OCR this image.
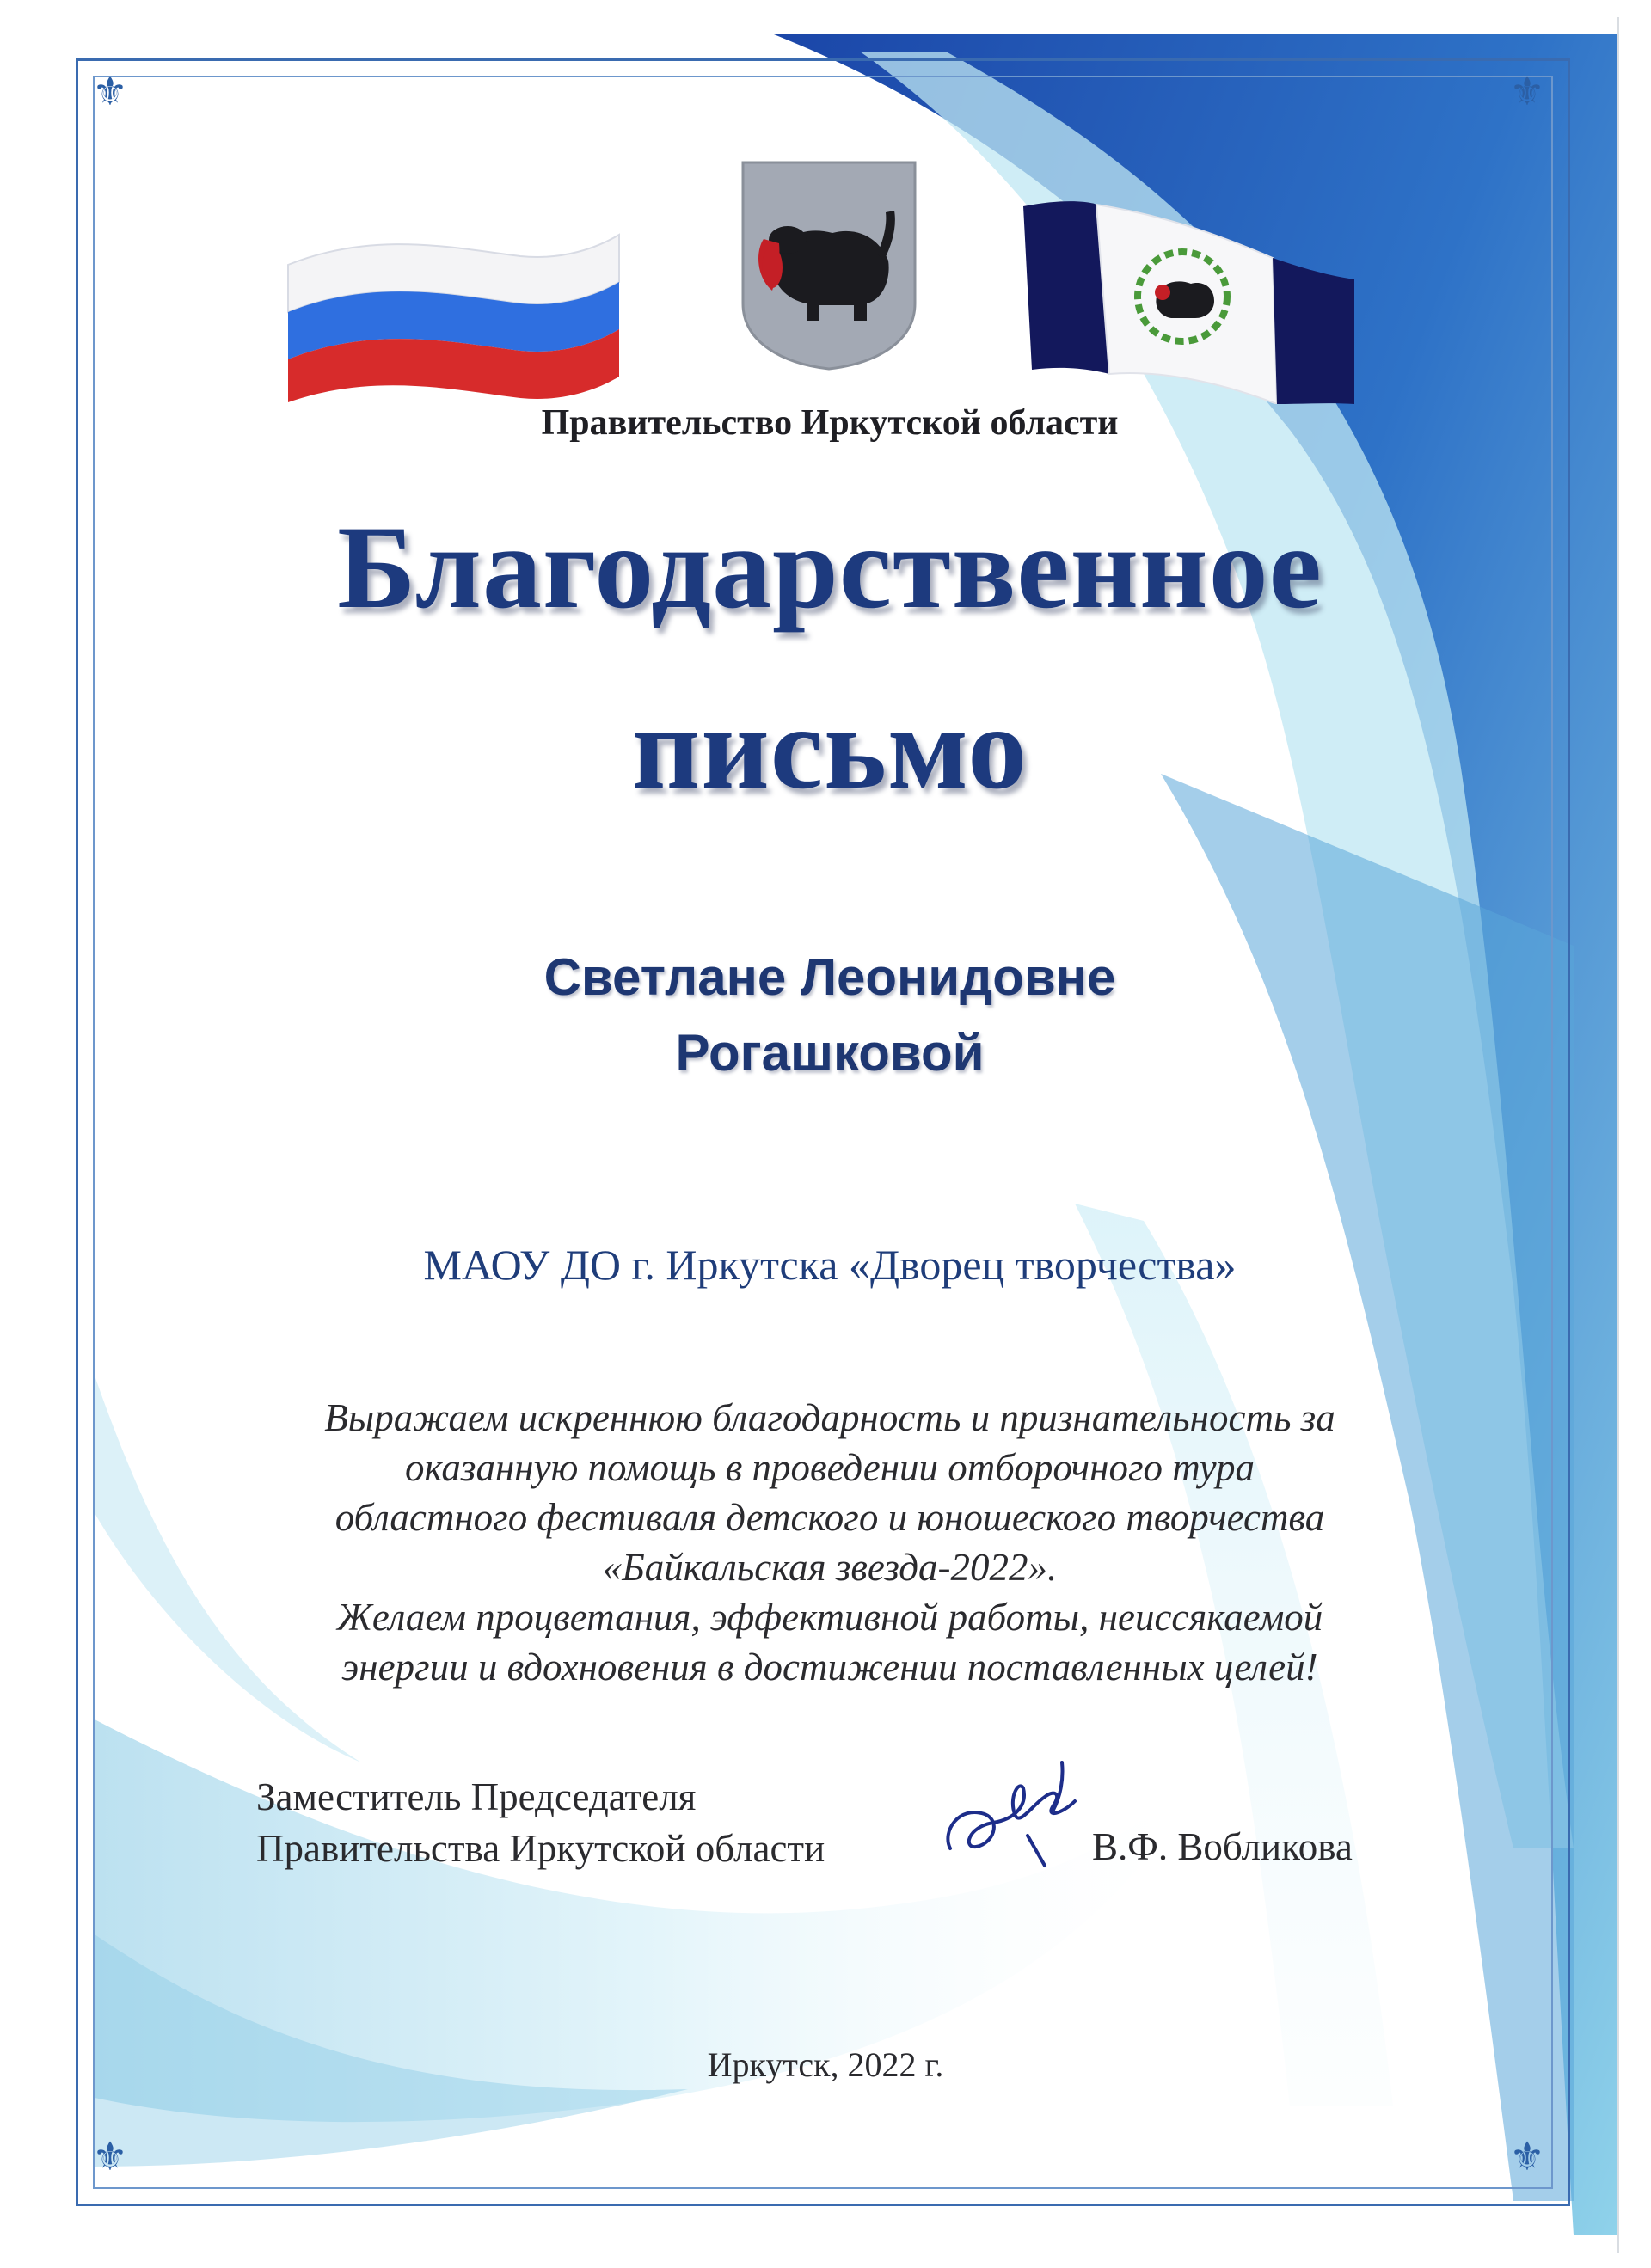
⚜	⚜
⚜	⚜
Правительство Иркутской области
Благодарственное
письмо
Светлане Леонидовне
Рогашковой
МАОУ ДО г. Иркутска «Дворец творчества»
Выражаем искреннюю благодарность и признательность за
оказанную помощь в проведении отборочного тура
областного фестиваля детского и юношеского творчества
«Байкальская звезда-2022».
Желаем процветания, эффективной работы, неиссякаемой
энергии и вдохновения в достижении поставленных целей!
Заместитель Председателя
Правительства Иркутской области	В.Ф. Вобликова
Иркутск, 2022 г.
